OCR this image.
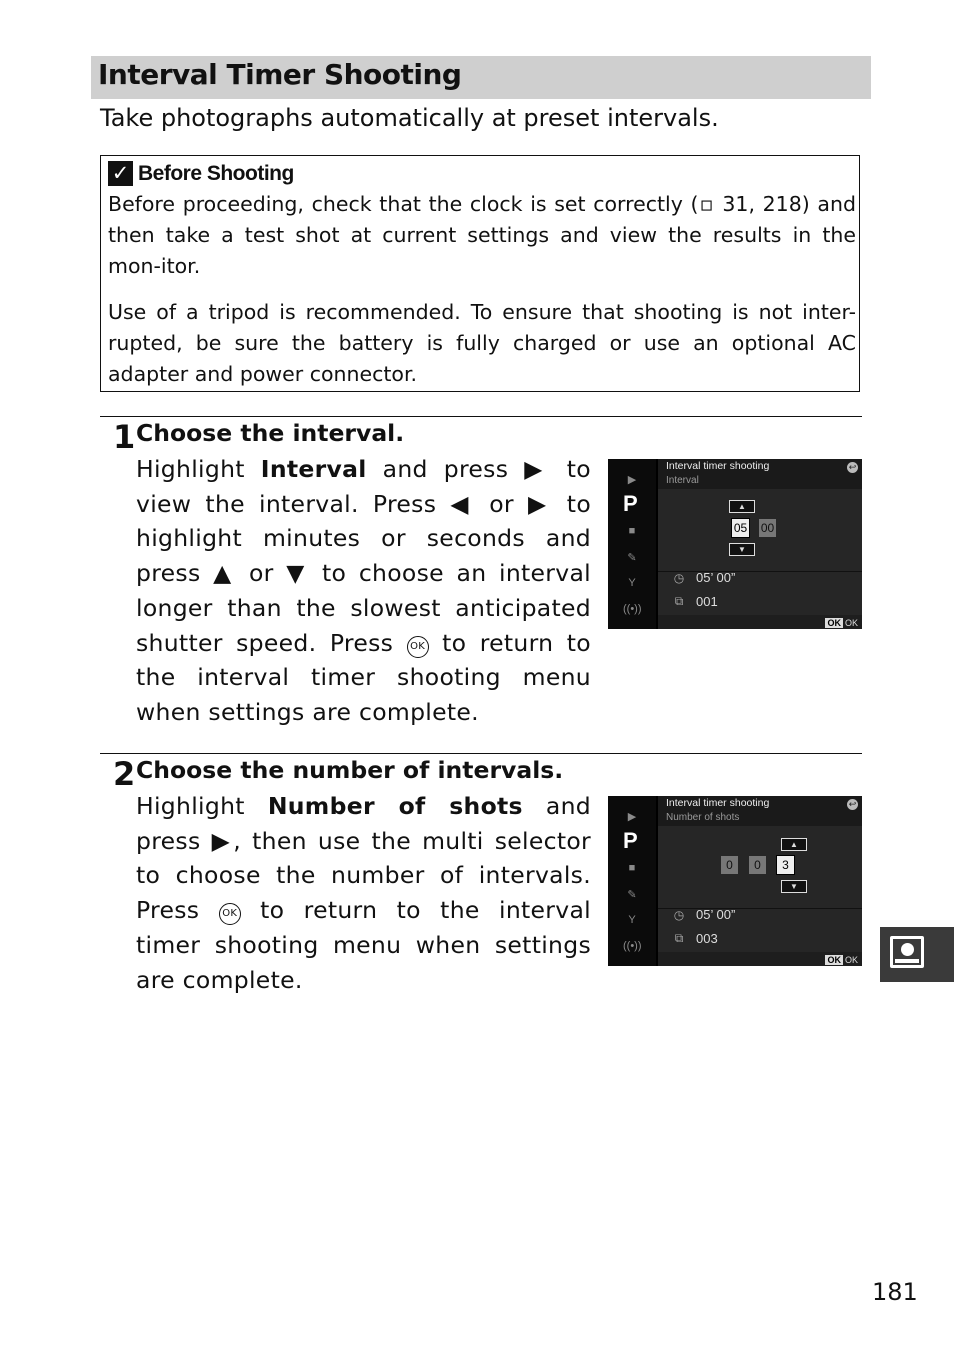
Interval Timer Shooting
Take photographs automatically at preset intervals.
✓ Before Shooting

Before proceeding, check that the clock is set correctly (▫ 31, 218) and then take a test shot at current settings and view the results in the mon-itor.

Use of a tripod is recommended. To ensure that shooting is not inter-rupted, be sure the battery is fully charged or use an optional AC adapter and power connector.

1 Choose the interval.

Highlight Interval and press ▶ to view the interval. Press ◀ or ▶ to highlight minutes or seconds and press ▲ or ▼ to choose an interval longer than the slowest anticipated shutter speed. Press OK to return to the interval timer shooting menu when settings are complete.

▶
P
■
✎
Y
((•))
Interval timer shooting
Interval
↩
▲
05 00
▼
◷ 05’ 00”
⧉ 001
OK OK
2 Choose the number of intervals.

Highlight Number of shots and press ▶, then use the multi selector to choose the number of intervals. Press OK to return to the interval timer shooting menu when settings are complete.

▶
P
■
✎
Y
((•))
Interval timer shooting
Number of shots
↩
▲
0	0	3
▼
◷ 05’ 00”
⧉ 003
OK OK
181
